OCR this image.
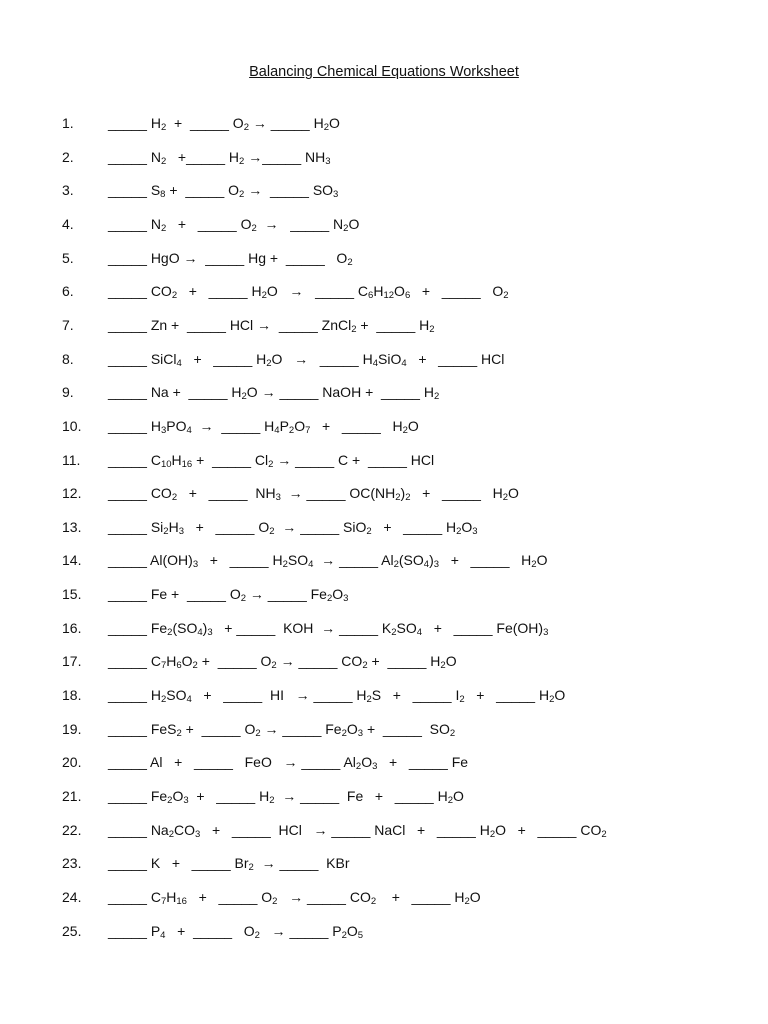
Balancing Chemical Equations Worksheet
1.	_____ $H_2$  +  _____ $O_2$ → _____ $H_2O$
2.	_____ $N_2$   +_____ $H_2$ →_____ $NH_3$
3.	_____ $S_8$ +  _____ $O_2$ →  _____ $SO_3$
4.	_____ $N_2$   +   _____ $O_2$  →   _____ $N_2O$
5.	_____ HgO →  _____ Hg +  _____   $O_2$
6.	_____ $CO_2$   +   _____ $H_2O$   →   _____ $C_6H_{12}O_6$   +   _____   $O_2$
7.	_____ Zn +  _____ HCl →  _____ ZnCl$_2$ +  _____ $H_2$
8.	_____ SiCl$_4$   +   _____ $H_2O$   →   _____ $H_4SiO_4$   +   _____ HCl
9.	_____ Na +  _____ $H_2O$ → _____ NaOH +  _____ $H_2$
10.	_____ $H_3PO_4$  →  _____ $H_4P_2O_7$   +   _____   $H_2O$
11.	_____ $C_{10}H_{16}$ +  _____ $Cl_2$ → _____ C +  _____ HCl
12.	_____ $CO_2$   +   _____  $NH_3$  → _____ $OC(NH_2)_2$   +   _____   $H_2O$
13.	_____ $Si_2H_3$   +   _____ $O_2$  → _____ SiO$_2$   +   _____ $H_2O_3$
14.	_____ $Al(OH)_3$   +   _____ $H_2SO_4$  → _____ $Al_2(SO_4)_3$   +   _____   $H_2O$
15.	_____ Fe +  _____ $O_2$ → _____ $Fe_2O_3$
16.	_____ $Fe_2(SO_4)_3$   + _____  KOH  → _____ $K_2SO_4$   +   _____ $Fe(OH)_3$
17.	_____ $C_7H_6O_2$ +  _____ $O_2$ → _____ $CO_2$ +  _____ $H_2O$
18.	_____ $H_2SO_4$   +   _____  HI   → _____ $H_2S$   +   _____ $I_2$   +   _____ $H_2O$
19.	_____ FeS$_2$ +  _____ $O_2$ → _____ $Fe_2O_3$ +  _____  $SO_2$
20.	_____ Al   +   _____   FeO   → _____ $Al_2O_3$   +   _____ Fe
21.	_____ $Fe_2O_3$  +   _____ $H_2$  → _____  Fe   +   _____ $H_2O$
22.	_____ $Na_2CO_3$   +   _____  HCl   → _____ NaCl   +   _____ $H_2O$   +   _____ $CO_2$
23.	_____ K   +   _____ $Br_2$  → _____  KBr
24.	_____ $C_7H_{16}$   +   _____ $O_2$   → _____ $CO_2$    +   _____ $H_2O$
25.	_____ $P_4$   +  _____   $O_2$   → _____ $P_2O_5$
